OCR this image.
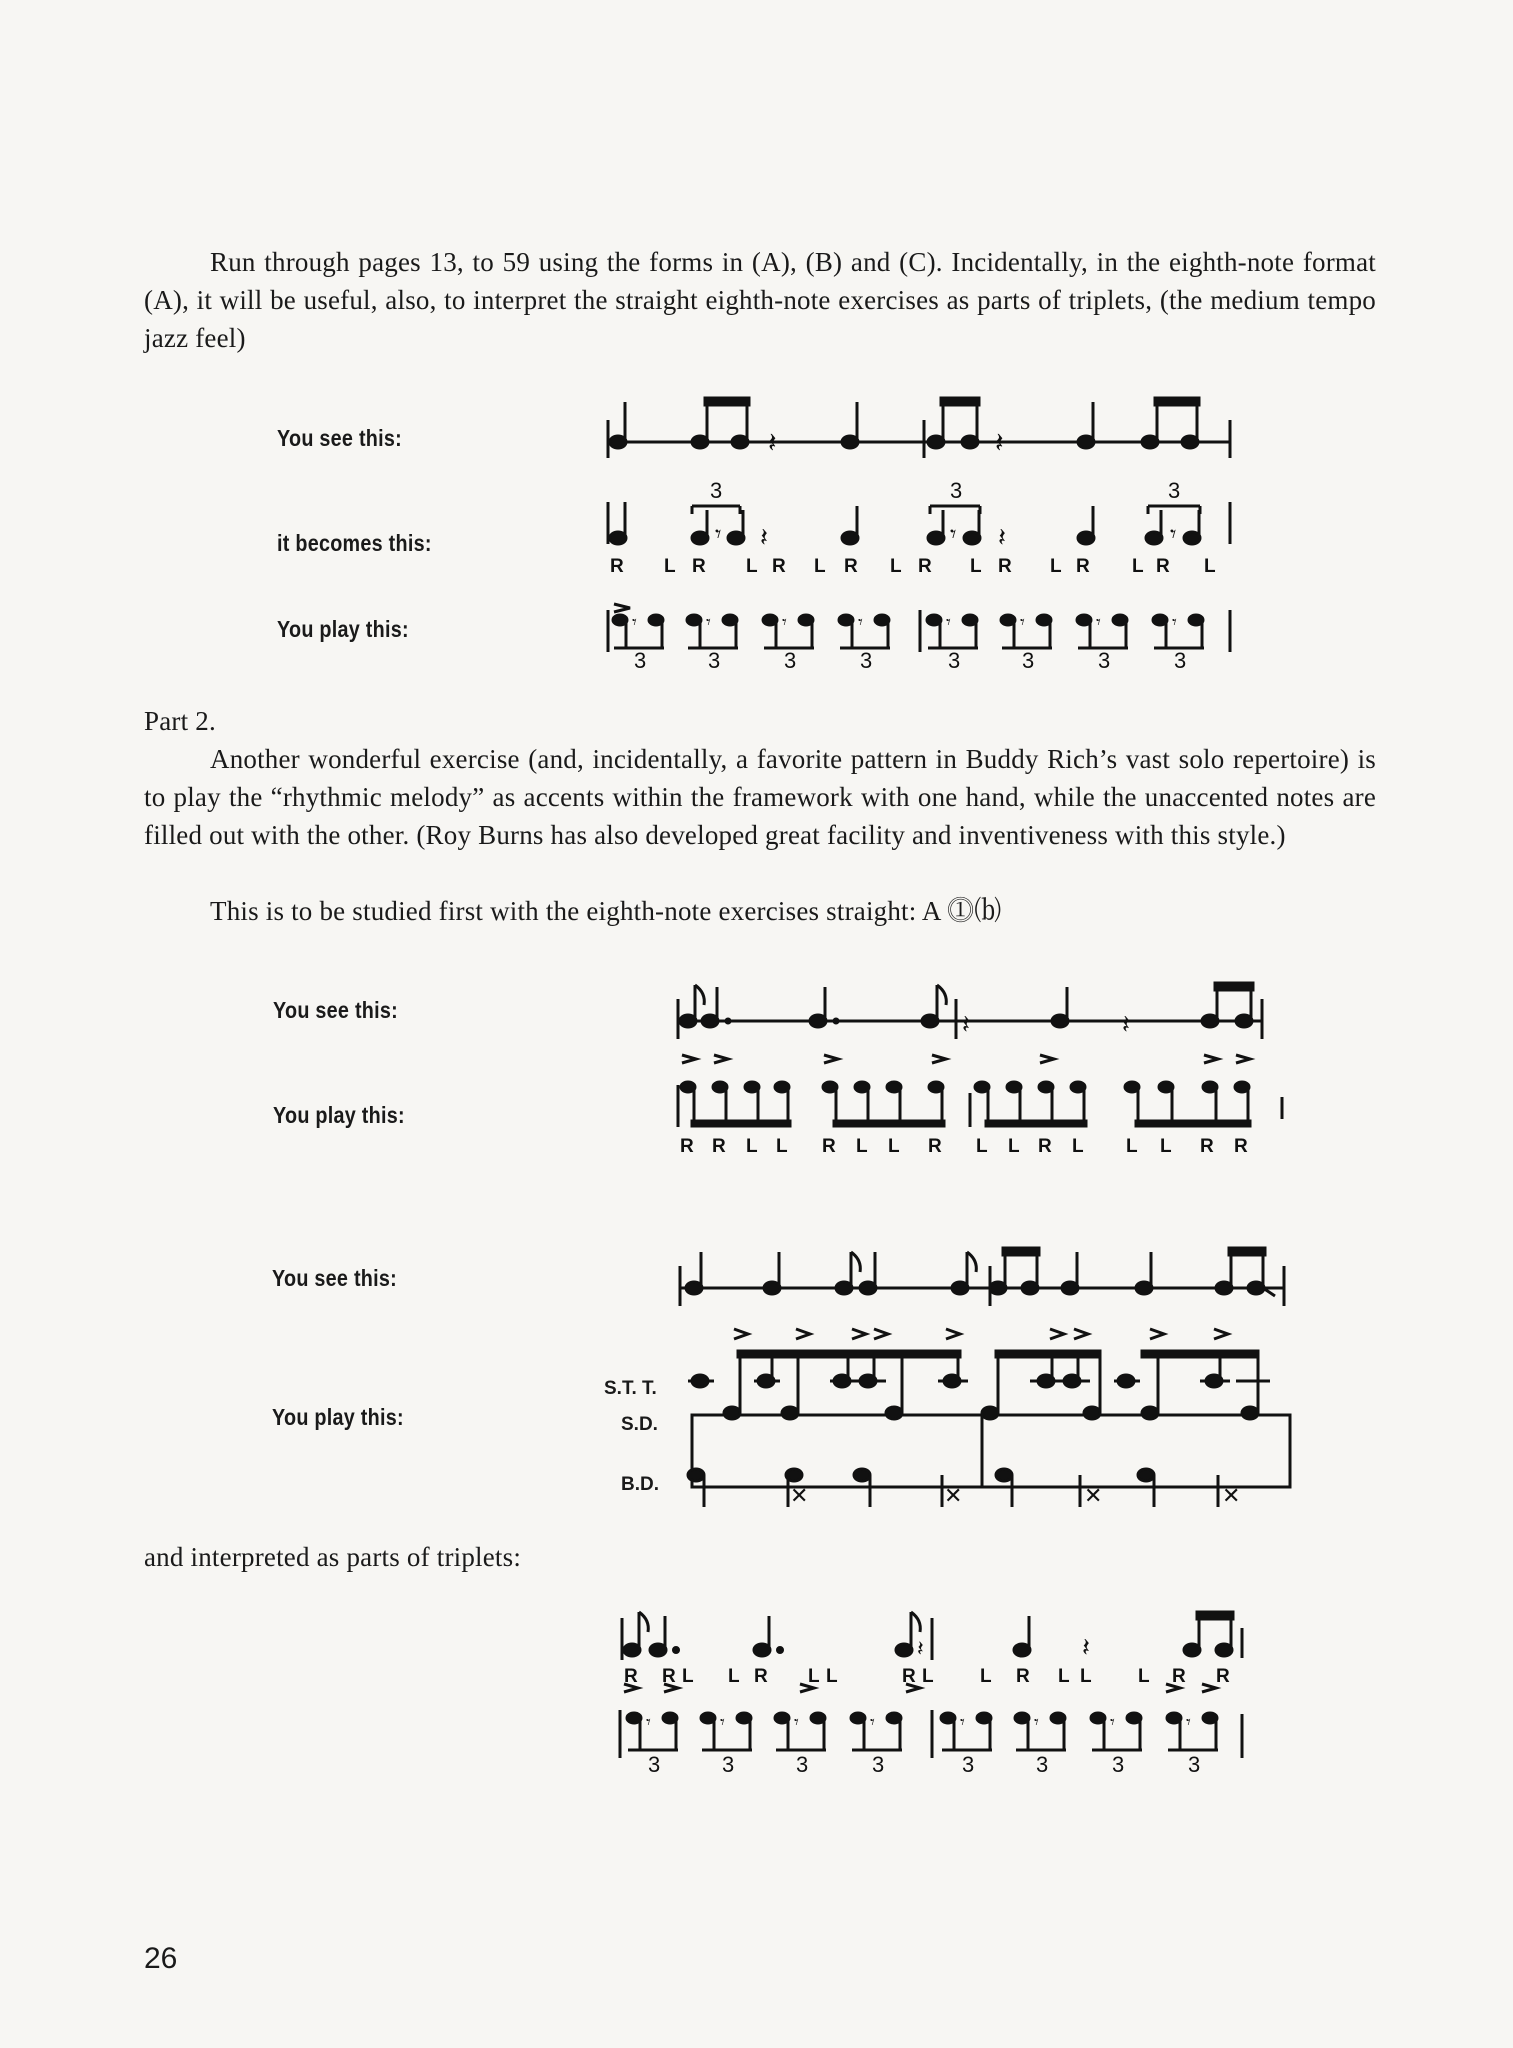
Run through pages 13, to 59 using the forms in (A), (B) and (C). Incidentally, in the eighth-note format (A), it will be useful, also, to interpret the straight eighth-note exercises as parts of triplets, (the medium tempo jazz feel)
You see this:
it becomes this:
You play this:
𝄽	𝄽
𝄾 𝄽	𝄾 𝄽	𝄾
3	3	3
R L R L R L R L R L R L R L R L
𝄾	𝄾	𝄾	𝄾	𝄾	𝄾	𝄾	𝄾
3	3	3	3	3	3	3	3
Part 2.
Another wonderful exercise (and, incidentally, a favorite pattern in Buddy Rich’s vast solo repertoire) is to play the “rhythmic melody” as accents within the framework with one hand, while the unaccented notes are filled out with the other. (Roy Burns has also developed great facility and inventiveness with this style.)
This is to be studied first with the eighth-note exercises straight: A ⓵⒝
You see this:
You play this:
𝄽	𝄽
R R L L R L L R L L R L L L R R
You see this:
You play this:
S.T. T.
S.D.
B.D.	✕	✕	✕	✕
and interpreted as parts of triplets:
𝄽	𝄽
R R L L R L L	R L L R L L L R R
𝄾	𝄾	𝄾	𝄾	𝄾	𝄾	𝄾	𝄾
3	3	3	3	3	3	3	3
26
